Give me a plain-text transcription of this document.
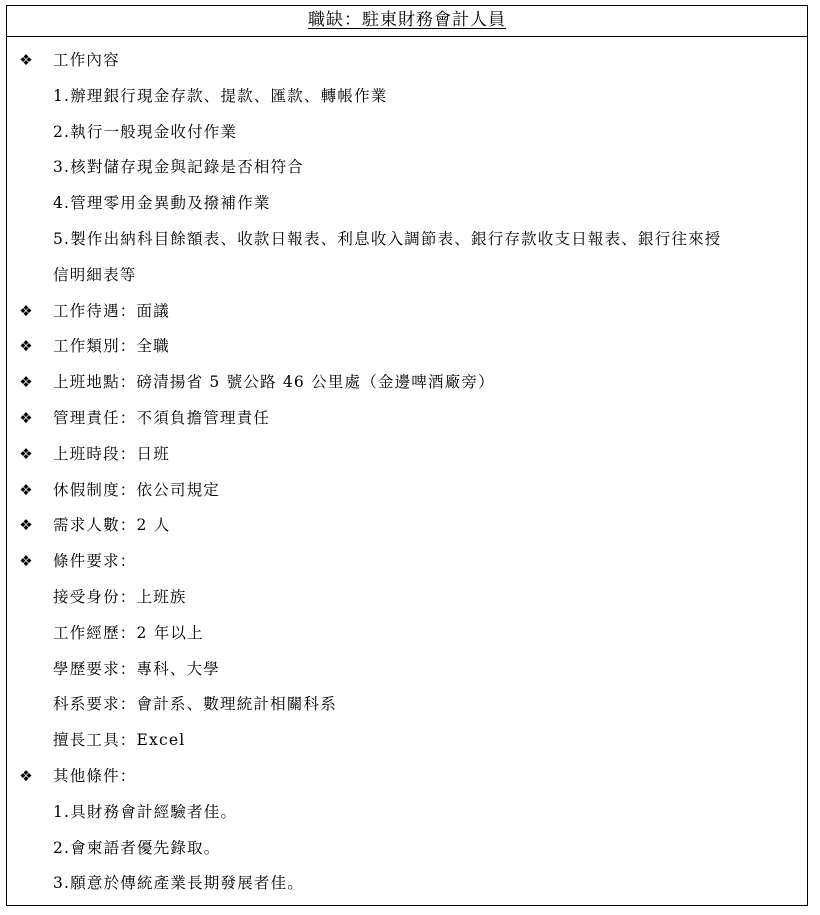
職缺：駐東財務會計人員
❖ 工作內容
1.辦理銀行現金存款、提款、匯款、轉帳作業
2.執行一般現金收付作業
3.核對儲存現金與記錄是否相符合
4.管理零用金異動及撥補作業
5.製作出納科目餘額表、收款日報表、利息收入調節表、銀行存款收支日報表、銀行往來授
信明細表等
❖ 工作待遇：面議
❖ 工作類別：全職
❖ 上班地點：磅清揚省 5 號公路 46 公里處（金邊啤酒廠旁）
❖ 管理責任：不須負擔管理責任
❖ 上班時段：日班
❖ 休假制度：依公司規定
❖ 需求人數：2 人
❖ 條件要求：
接受身份：上班族
工作經歷：2 年以上
學歷要求：專科、大學
科系要求：會計系、數理統計相關科系
擅長工具：Excel
❖ 其他條件：
1.具財務會計經驗者佳。
2.會柬語者優先錄取。
3.願意於傳統產業長期發展者佳。
